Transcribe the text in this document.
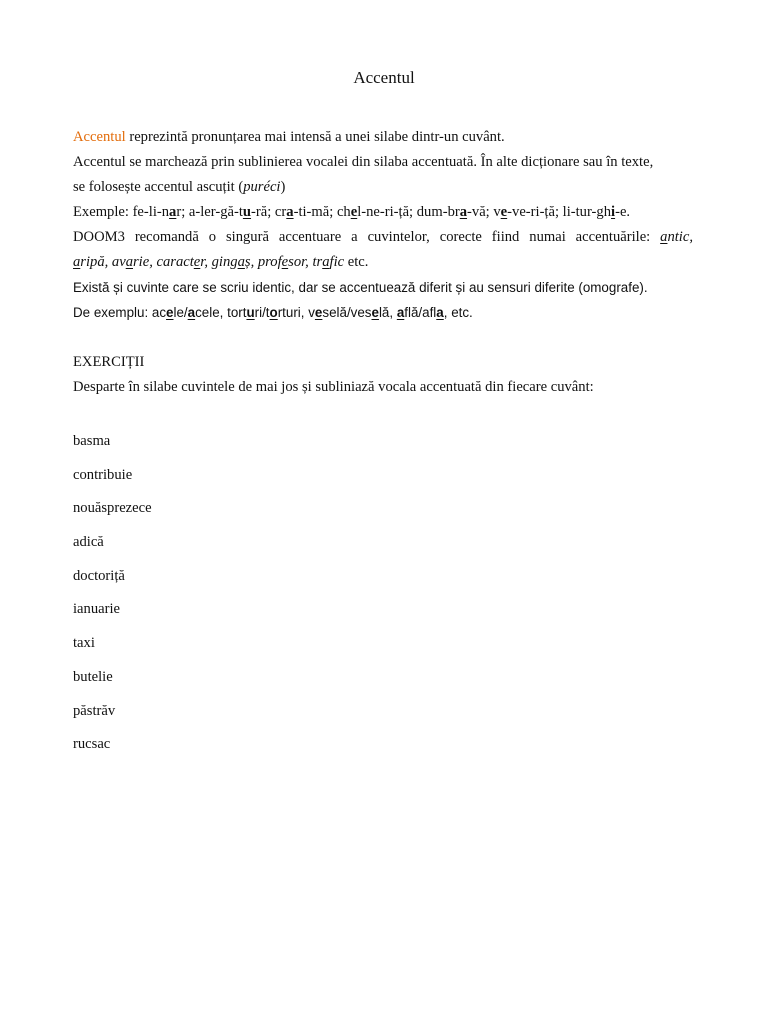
Accentul
Accentul reprezintă pronunțarea mai intensă a unei silabe dintr-un cuvânt.
Accentul se marchează prin sublinierea vocalei din silaba accentuată. În alte dicționare sau în texte,
se folosește accentul ascuțit (puréci)
Exemple: fe-li-nar; a-ler-gă-tu-ră; cra-ti-mă; chel-ne-ri-ță; dum-bra-vă; ve-ve-ri-ță; li-tur-ghi-e.
DOOM3 recomandă o singură accentuare a cuvintelor, corecte fiind numai accentuările: antic,
aripă, avarie, caracter, gingaș, profesor, trafic etc.
Există și cuvinte care se scriu identic, dar se accentuează diferit și au sensuri diferite (omografe).
De exemplu: acele/acele, torturi/torturi, veselă/veselă, află/afla, etc.
EXERCIȚII
Desparte în silabe cuvintele de mai jos și subliniază vocala accentuată din fiecare cuvânt:
basma
contribuie
nouăsprezece
adică
doctoriță
ianuarie
taxi
butelie
păstrăv
rucsac
